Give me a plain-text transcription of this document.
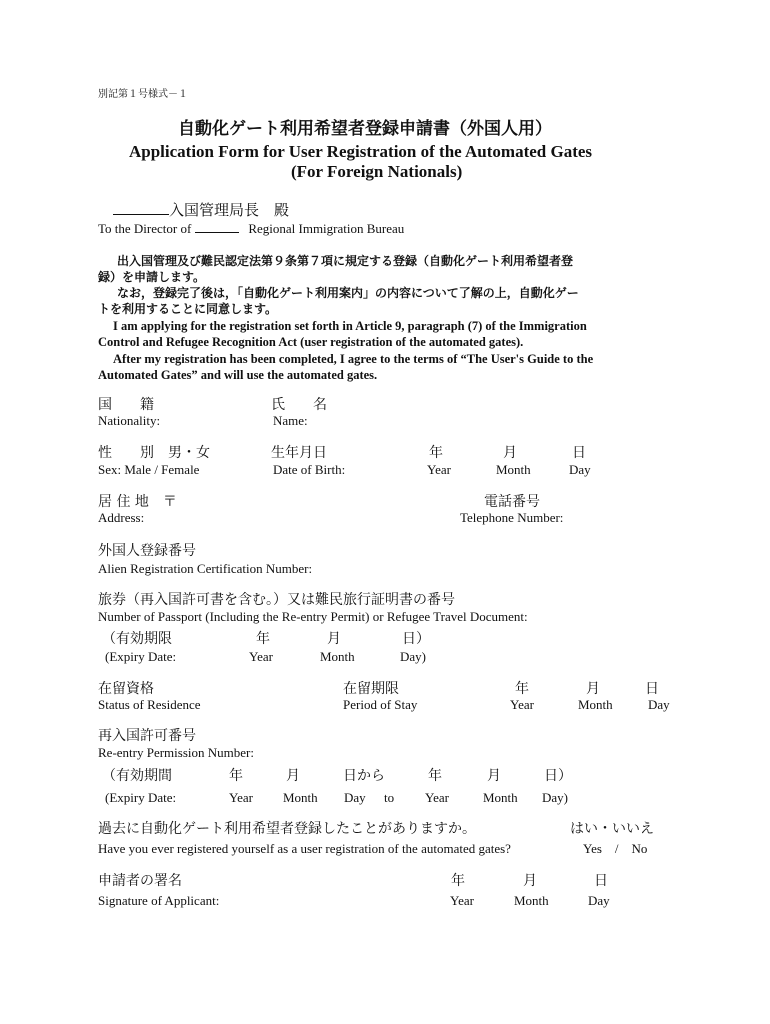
別記第１号様式－１
自動化ゲート利用希望者登録申請書（外国人用）
Application Form for User Registration of the Automated Gates
(For Foreign Nationals)
入国管理局長　殿
To the Director of	Regional Immigration Bureau
出入国管理及び難民認定法第９条第７項に規定する登録（自動化ゲート利用希望者登
録）を申請します。
なお，登録完了後は，「自動化ゲート利用案内」の内容について了解の上，自動化ゲー
トを利用することに同意します。
I am applying for the registration set forth in Article 9, paragraph (7) of the Immigration
Control and Refugee Recognition Act (user registration of the automated gates).
After my registration has been completed, I agree to the terms of “The User's Guide to the
Automated Gates” and will use the automated gates.
国　　籍
Nationality:
氏　　名
Name:
性　　別　男・女
Sex: Male / Female
生年月日
Date of Birth:
年
Year
月
Month
日
Day
居 住 地　〒
Address:
電話番号
Telephone Number:
外国人登録番号
Alien Registration Certification Number:
旅券（再入国許可書を含む。）又は難民旅行証明書の番号
Number of Passport (Including the Re-entry Permit) or Refugee Travel Document:
（有効期限
(Expiry Date:
年
Year
月
Month
日）
Day)
在留資格
Status of Residence
在留期限
Period of Stay
年
Year
月
Month
日
Day
再入国許可番号
Re-entry Permission Number:
（有効期間
(Expiry Date:
年
Year
月
Month
日から
Day to
年
Year
月
Month
日）
Day)
過去に自動化ゲート利用希望者登録したことがありますか。
Have you ever registered yourself as a user registration of the automated gates?
はい・いいえ
Yes　/　No
申請者の署名
Signature of Applicant:
年
Year
月
Month
日
Day
